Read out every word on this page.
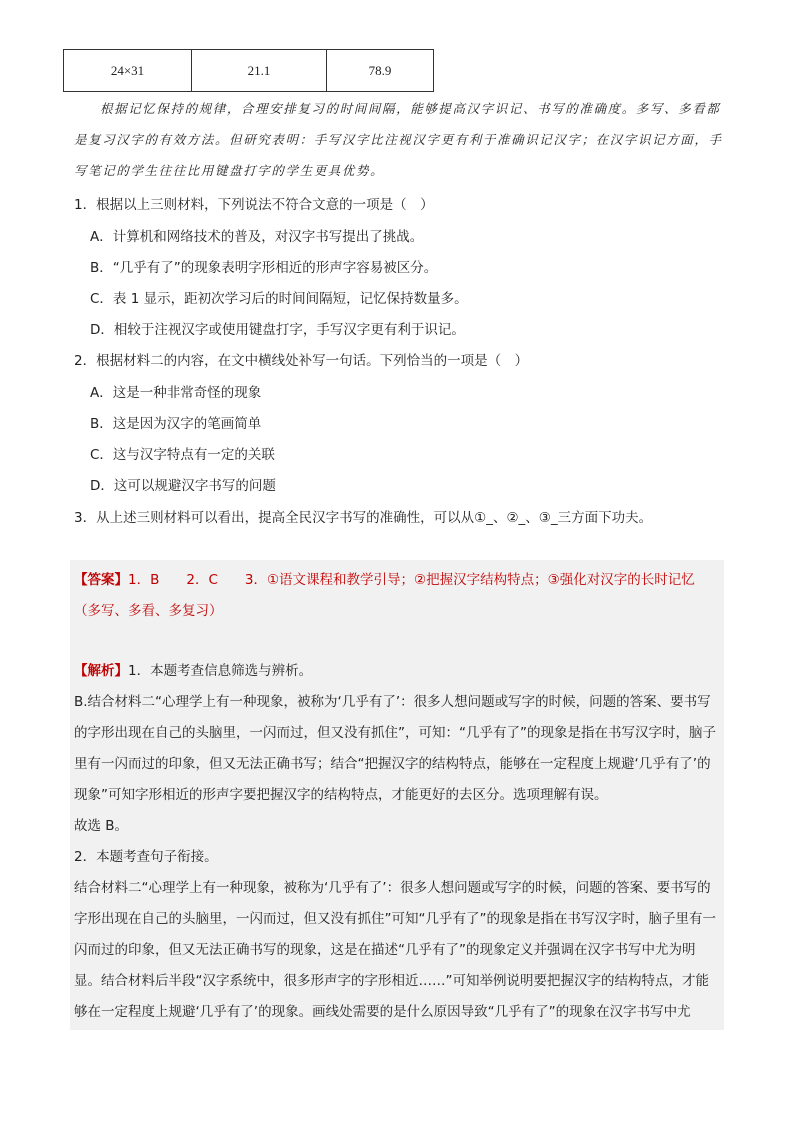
24×31	21.1	78.9
根据记忆保持的规律，合理安排复习的时间间隔，能够提高汉字识记、书写的准确度。多写、多看都是复习汉字的有效方法。但研究表明：手写汉字比注视汉字更有利于准确识记汉字；在汉字识记方面，手写笔记的学生往往比用键盘打字的学生更具优势。
1．根据以上三则材料，下列说法不符合文意的一项是（　）
A．计算机和网络技术的普及，对汉字书写提出了挑战。
B．“几乎有了”的现象表明字形相近的形声字容易被区分。
C．表 1 显示，距初次学习后的时间间隔短，记忆保持数量多。
D．相较于注视汉字或使用键盘打字，手写汉字更有利于识记。
2．根据材料二的内容，在文中横线处补写一句话。下列恰当的一项是（　）
A．这是一种非常奇怪的现象
B．这是因为汉字的笔画简单
C．这与汉字特点有一定的关联
D．这可以规避汉字书写的问题
3．从上述三则材料可以看出，提高全民汉字书写的准确性，可以从①_、②_、③_三方面下功夫。
【答案】1．B　　2．C　　3．①语文课程和教学引导；②把握汉字结构特点；③强化对汉字的长时记忆
（多写、多看、多复习）
【解析】1．本题考查信息筛选与辨析。
B.结合材料二“心理学上有一种现象，被称为‘几乎有了’：很多人想问题或写字的时候，问题的答案、要书写的字形出现在自己的头脑里，一闪而过，但又没有抓住”，可知：“几乎有了”的现象是指在书写汉字时，脑子里有一闪而过的印象，但又无法正确书写；结合“把握汉字的结构特点，能够在一定程度上规避‘几乎有了’的现象”可知字形相近的形声字要把握汉字的结构特点，才能更好的去区分。选项理解有误。
故选 B。
2．本题考查句子衔接。
结合材料二“心理学上有一种现象，被称为‘几乎有了’：很多人想问题或写字的时候，问题的答案、要书写的字形出现在自己的头脑里，一闪而过，但又没有抓住”可知“几乎有了”的现象是指在书写汉字时，脑子里有一闪而过的印象，但又无法正确书写的现象，这是在描述“几乎有了”的现象定义并强调在汉字书写中尤为明显。结合材料后半段“汉字系统中，很多形声字的字形相近……”可知举例说明要把握汉字的结构特点，才能够在一定程度上规避‘几乎有了’的现象。画线处需要的是什么原因导致“几乎有了”的现象在汉字书写中尤
